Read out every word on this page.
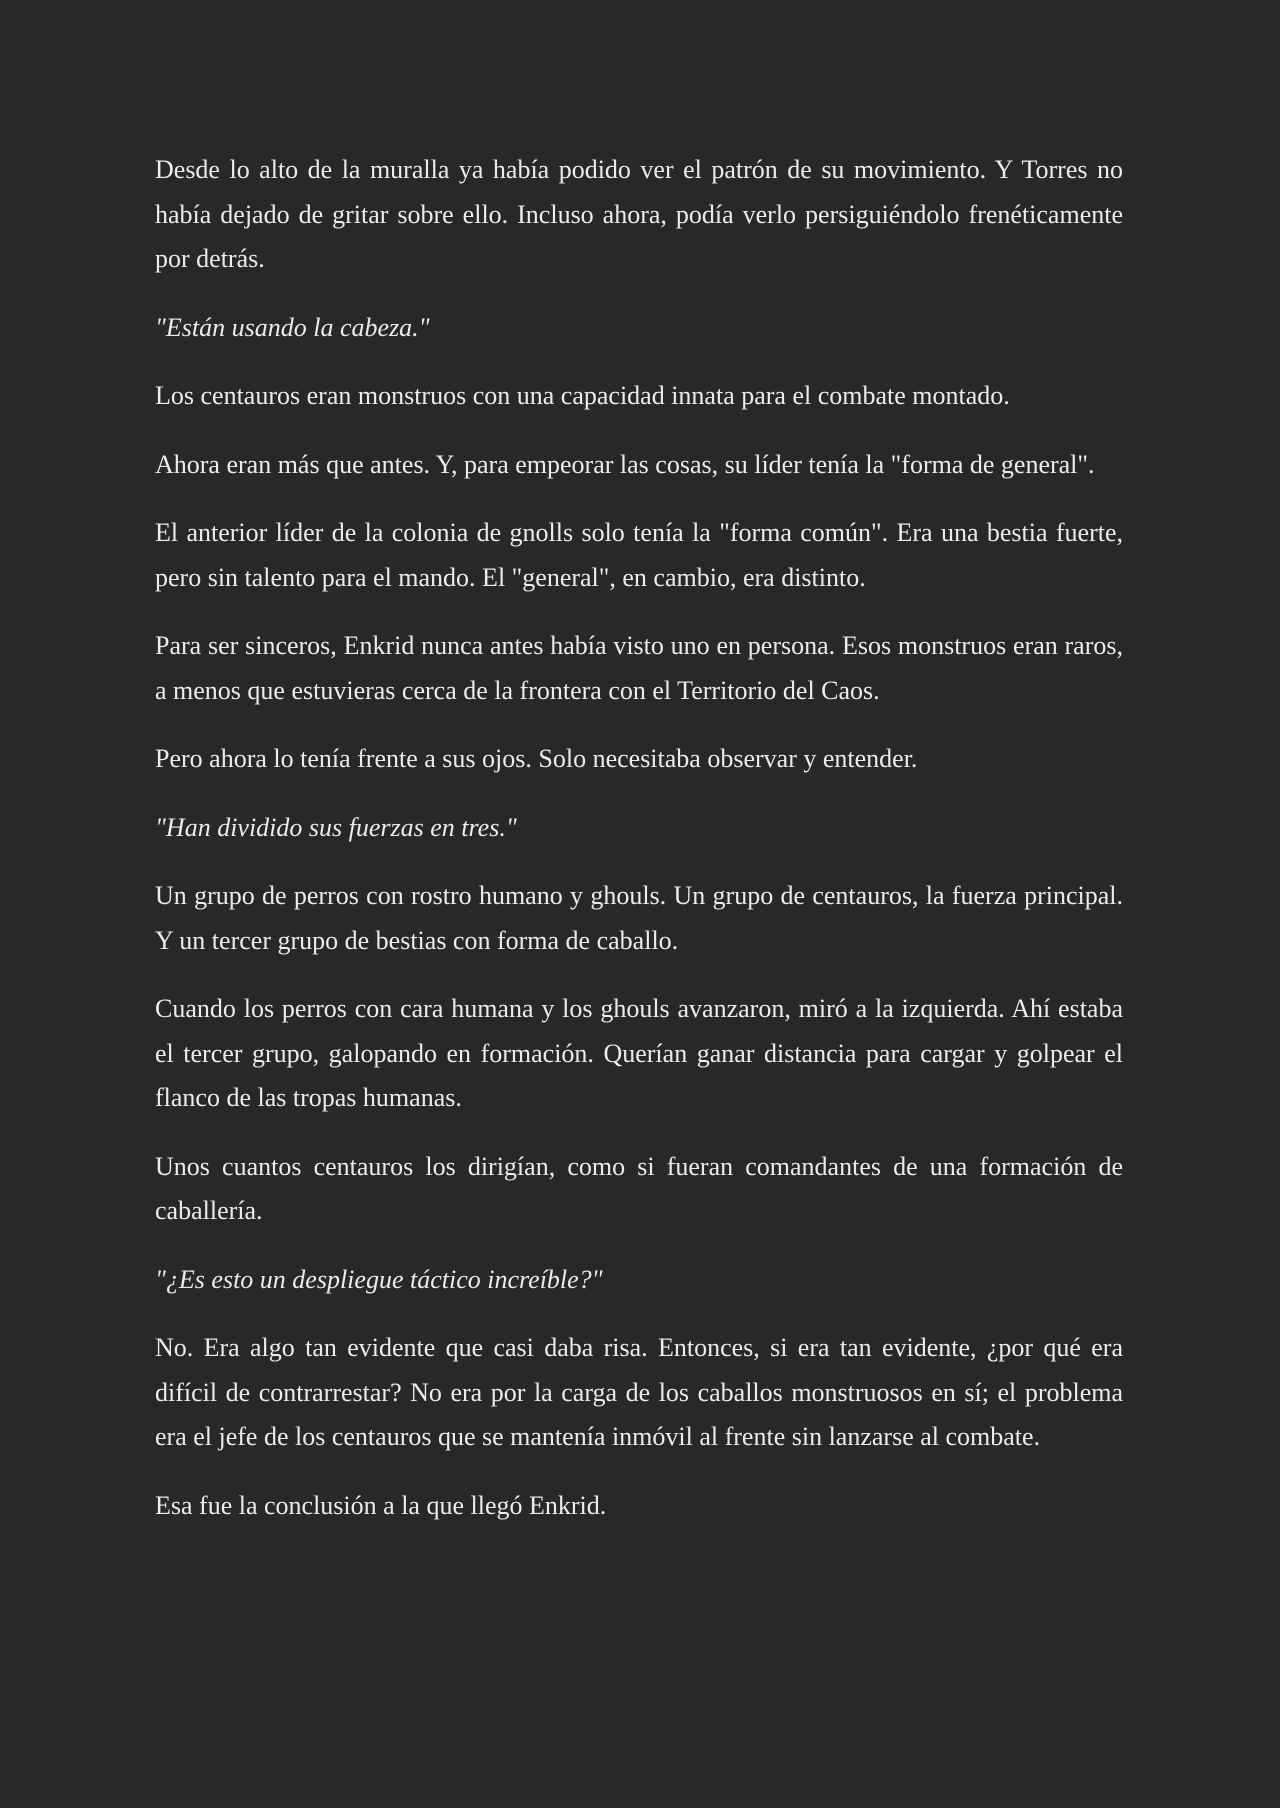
Desde lo alto de la muralla ya había podido ver el patrón de su movimiento. Y Torres no había dejado de gritar sobre ello. Incluso ahora, podía verlo persiguiéndolo frenéticamente por detrás.

"Están usando la cabeza."

Los centauros eran monstruos con una capacidad innata para el combate montado.

Ahora eran más que antes. Y, para empeorar las cosas, su líder tenía la "forma de general".

El anterior líder de la colonia de gnolls solo tenía la "forma común". Era una bestia fuerte, pero sin talento para el mando. El "general", en cambio, era distinto.

Para ser sinceros, Enkrid nunca antes había visto uno en persona. Esos monstruos eran raros, a menos que estuvieras cerca de la frontera con el Territorio del Caos.

Pero ahora lo tenía frente a sus ojos. Solo necesitaba observar y entender.

"Han dividido sus fuerzas en tres."

Un grupo de perros con rostro humano y ghouls. Un grupo de centauros, la fuerza principal. Y un tercer grupo de bestias con forma de caballo.

Cuando los perros con cara humana y los ghouls avanzaron, miró a la izquierda. Ahí estaba el tercer grupo, galopando en formación. Querían ganar distancia para cargar y golpear el flanco de las tropas humanas.

Unos cuantos centauros los dirigían, como si fueran comandantes de una formación de caballería.

"¿Es esto un despliegue táctico increíble?"

No. Era algo tan evidente que casi daba risa. Entonces, si era tan evidente, ¿por qué era difícil de contrarrestar? No era por la carga de los caballos monstruosos en sí; el problema era el jefe de los centauros que se mantenía inmóvil al frente sin lanzarse al combate.

Esa fue la conclusión a la que llegó Enkrid.
